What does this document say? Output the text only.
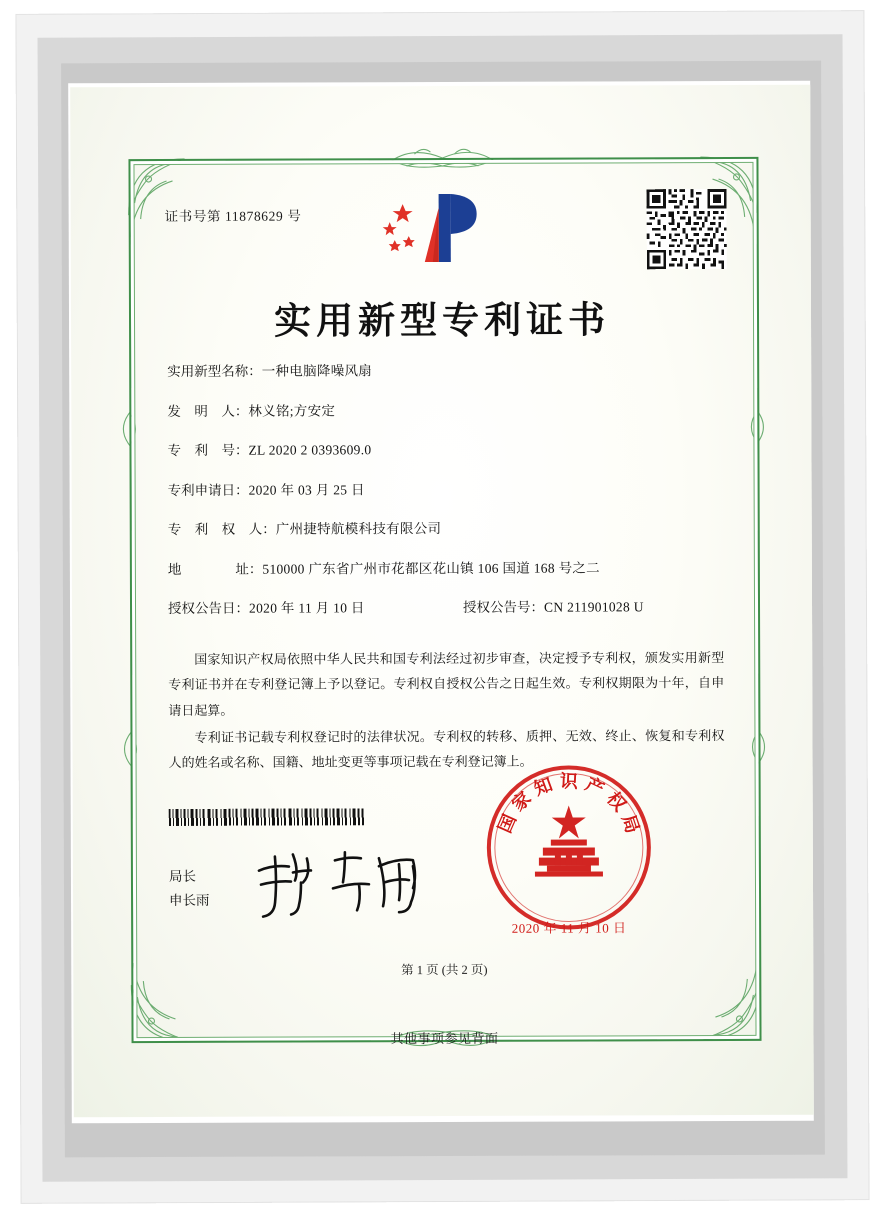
证书号第 11878629 号
实用新型专利证书
实用新型名称： 一种电脑降噪风扇
发　明　人： 林义铭;方安定
专　利　号： ZL 2020 2 0393609.0
专利申请日： 2020 年 03 月 25 日
专　利　权　人： 广州捷特航模科技有限公司
地　　　　址： 510000 广东省广州市花都区花山镇 106 国道 168 号之二
授权公告日： 2020 年 11 月 10 日	授权公告号： CN 211901028 U

国家知识产权局依照中华人民共和国专利法经过初步审查，决定授予专利权，颁发实用新型专利证书并在专利登记簿上予以登记。专利权自授权公告之日起生效。专利权期限为十年，自申请日起算。

专利证书记载专利权登记时的法律状况。专利权的转移、质押、无效、终止、恢复和专利权人的姓名或名称、国籍、地址变更等事项记载在专利登记簿上。

局长
申长雨
国家知识产权局
2020 年 11 月 10 日
第 1 页 (共 2 页)
其他事项参见背面
